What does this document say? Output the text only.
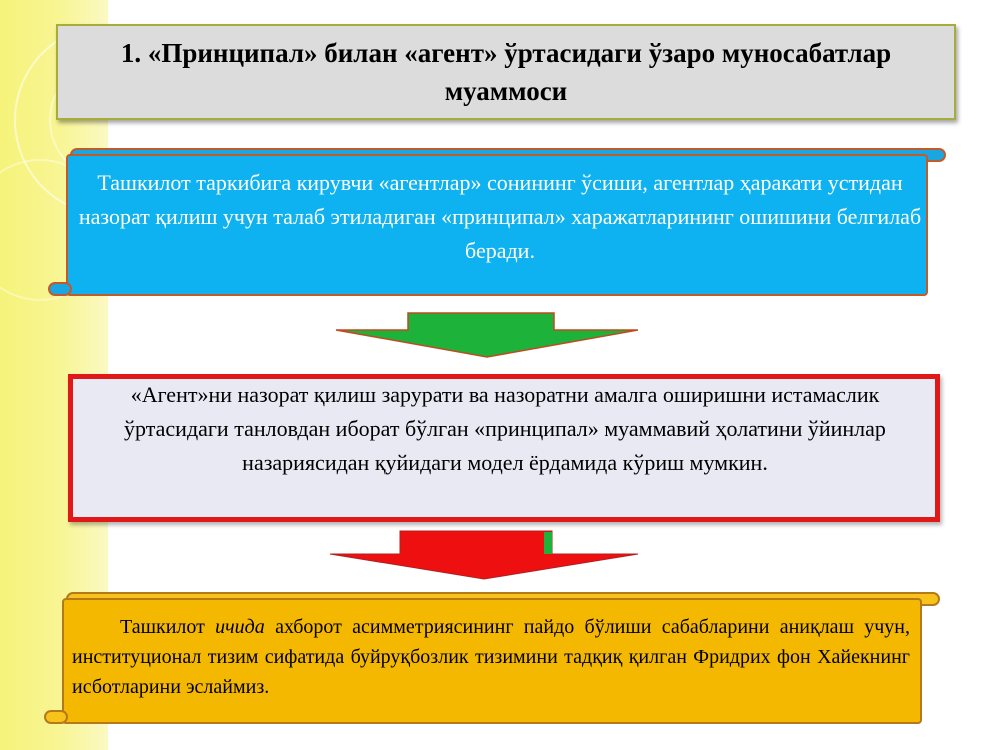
1. «Принципал» билан «агент» ўртасидаги ўзаро муносабатлар муаммоси
Ташкилот таркибига кирувчи «агентлар» сонининг ўсиши, агентлар ҳаракати устидан назорат қилиш учун талаб этиладиган «принципал» харажатларининг ошишини белгилаб беради.
«Агент»ни назорат қилиш зарурати ва назоратни амалга оширишни истамаслик ўртасидаги танловдан иборат бўлган «принципал» муаммавий ҳолатини ўйинлар назариясидан қуйидаги модел ёрдамида кўриш мумкин.
Ташкилот ичида ахборот асимметриясининг пайдо бўлиши сабабларини аниқлаш учун, институционал тизим сифатида буйруқбозлик тизимини тадқиқ қилган Фридрих фон Хайекнинг исботларини эслаймиз.
